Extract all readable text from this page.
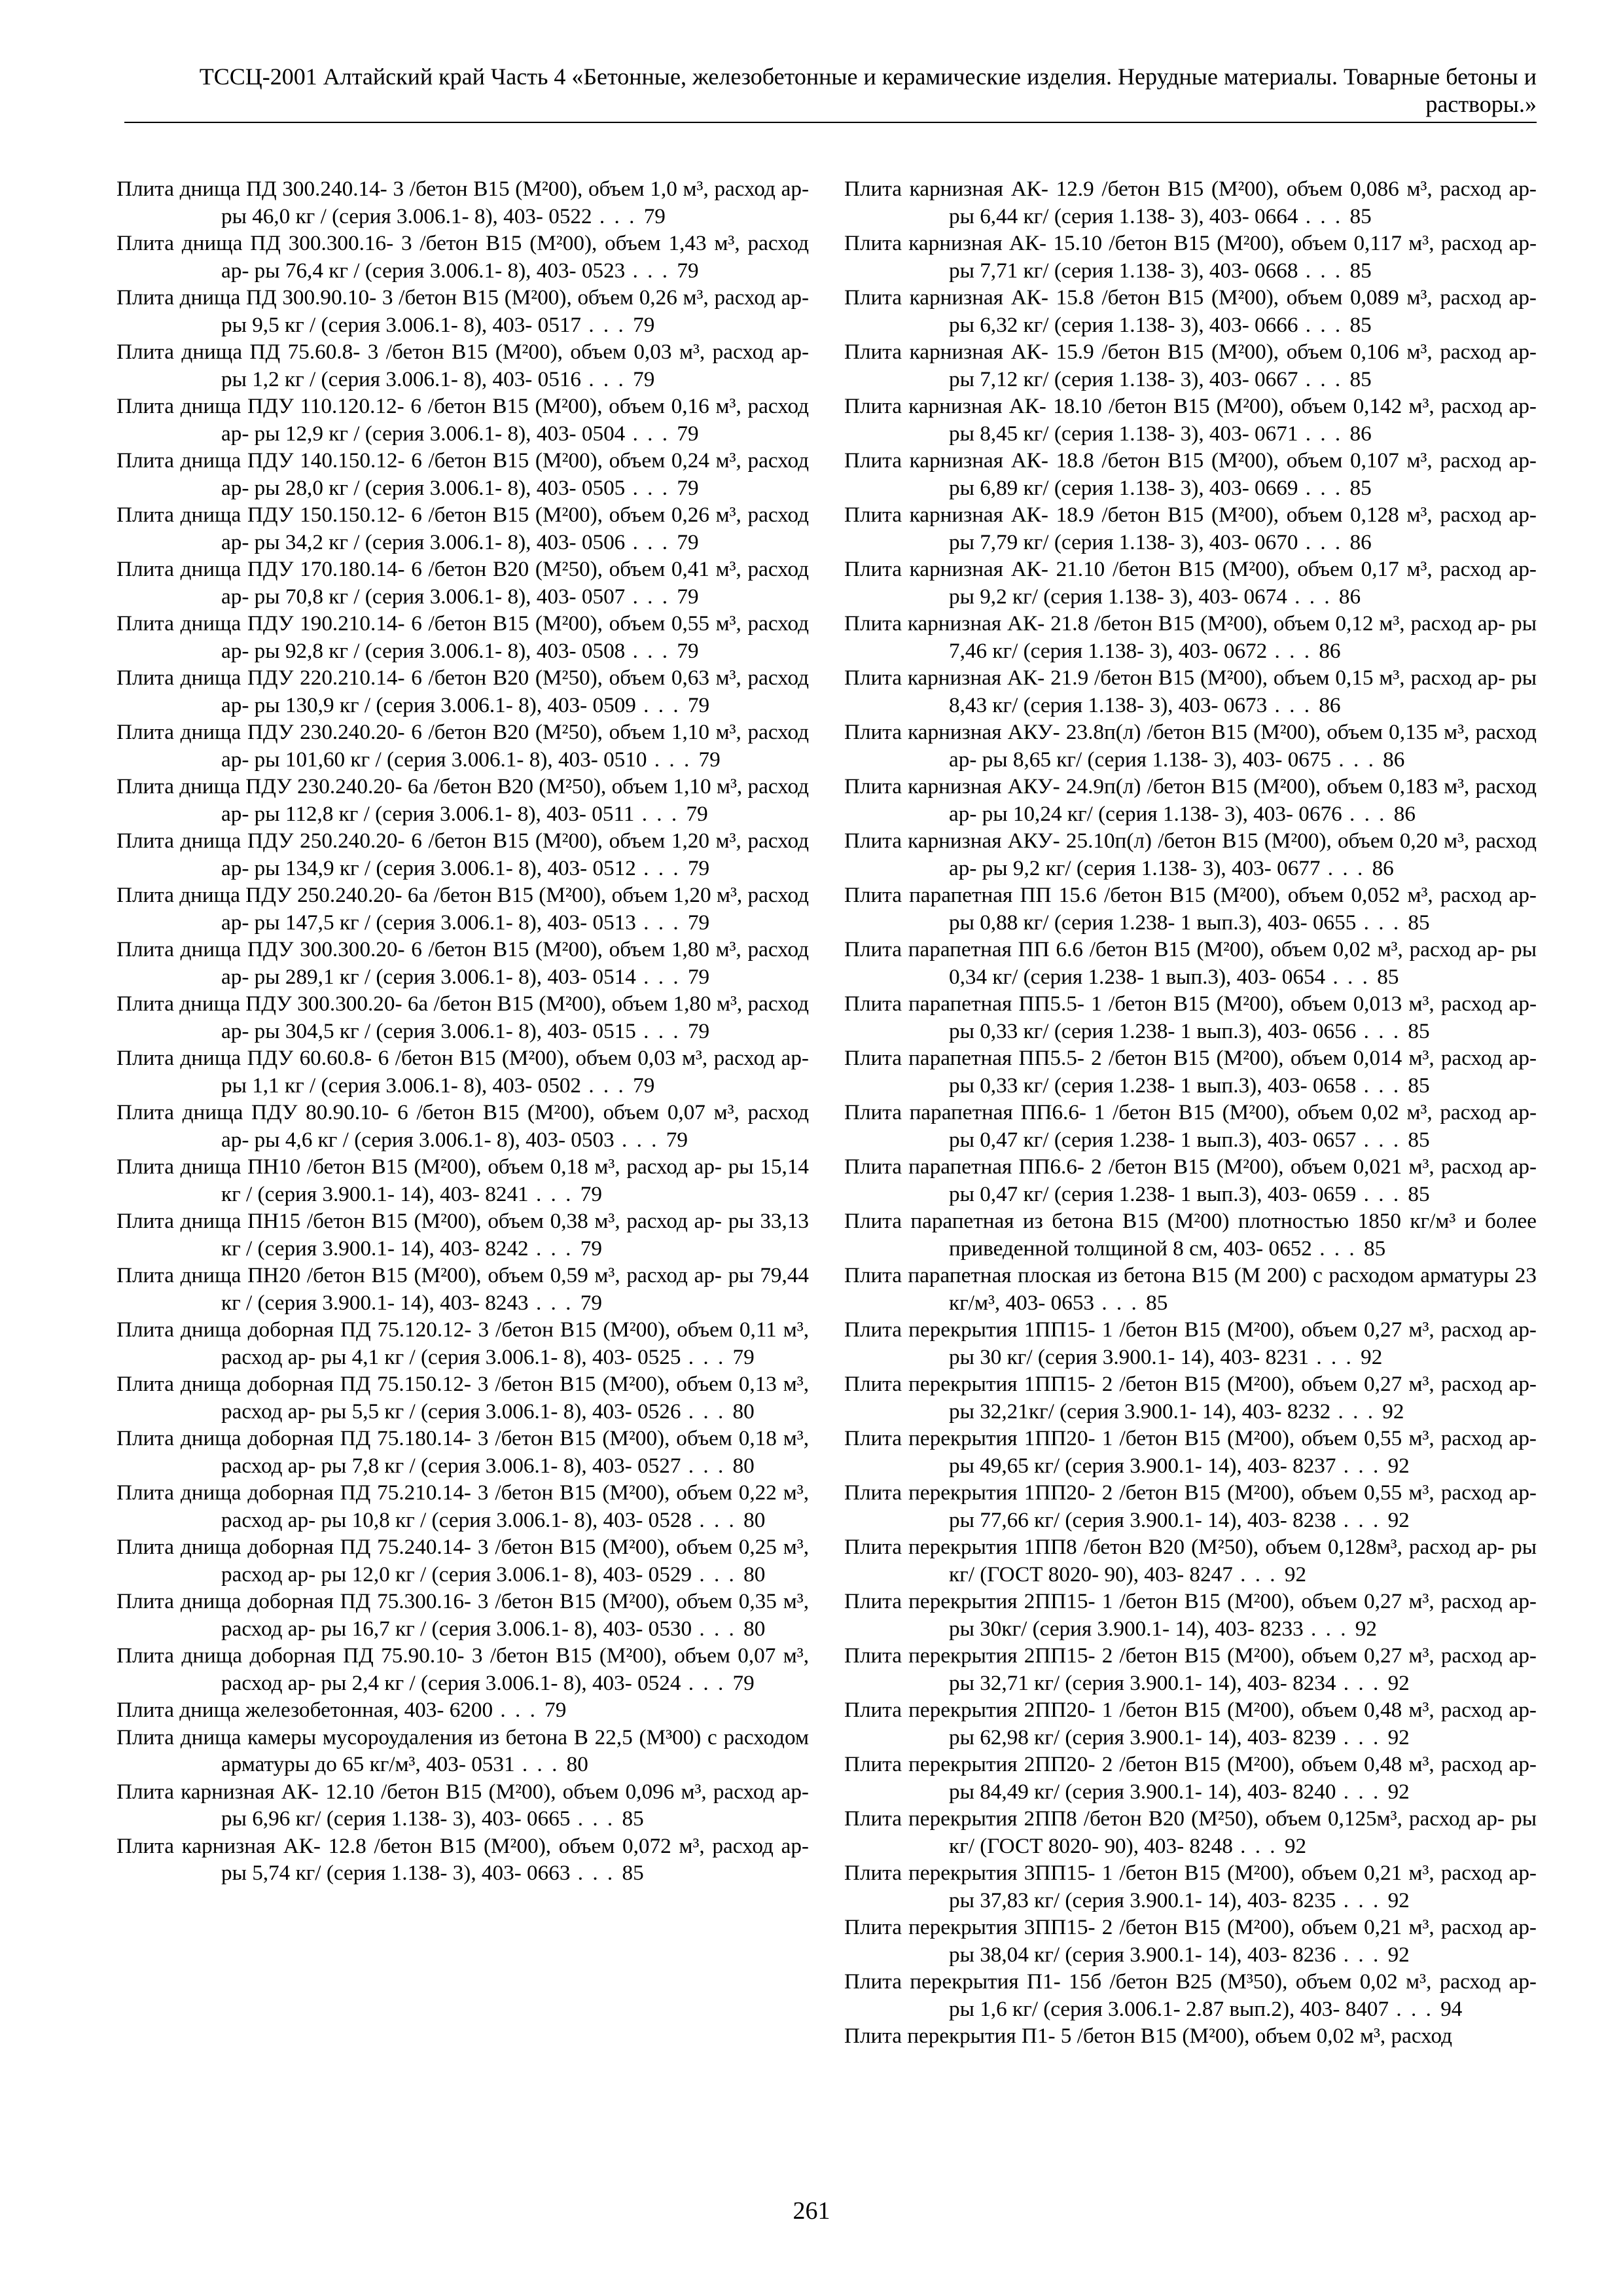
ТССЦ-2001 Алтайский край Часть 4 «Бетонные, железобетонные и керамические изделия. Нерудные материалы. Товарные бетоны и растворы.»

Плита днища ПД 300.240.14- 3 /бетон В15 (М²00), объем 1,0 м³, расход ар- ры 46,0 кг / (серия 3.006.1- 8), 403- 0522 . . . 79

Плита днища ПД 300.300.16- 3 /бетон В15 (М²00), объем 1,43 м³, расход ар- ры 76,4 кг / (серия 3.006.1- 8), 403- 0523 . . . 79

Плита днища ПД 300.90.10- 3 /бетон В15 (М²00), объем 0,26 м³, расход ар- ры 9,5 кг / (серия 3.006.1- 8), 403- 0517 . . . 79

Плита днища ПД 75.60.8- 3 /бетон В15 (М²00), объем 0,03 м³, расход ар- ры 1,2 кг / (серия 3.006.1- 8), 403- 0516 . . . 79

Плита днища ПДУ 110.120.12- 6 /бетон В15 (М²00), объем 0,16 м³, расход ар- ры 12,9 кг / (серия 3.006.1- 8), 403- 0504 . . . 79

Плита днища ПДУ 140.150.12- 6 /бетон В15 (М²00), объем 0,24 м³, расход ар- ры 28,0 кг / (серия 3.006.1- 8), 403- 0505 . . . 79

Плита днища ПДУ 150.150.12- 6 /бетон В15 (М²00), объем 0,26 м³, расход ар- ры 34,2 кг / (серия 3.006.1- 8), 403- 0506 . . . 79

Плита днища ПДУ 170.180.14- 6 /бетон В20 (М²50), объем 0,41 м³, расход ар- ры 70,8 кг / (серия 3.006.1- 8), 403- 0507 . . . 79

Плита днища ПДУ 190.210.14- 6 /бетон В15 (М²00), объем 0,55 м³, расход ар- ры 92,8 кг / (серия 3.006.1- 8), 403- 0508 . . . 79

Плита днища ПДУ 220.210.14- 6 /бетон В20 (М²50), объем 0,63 м³, расход ар- ры 130,9 кг / (серия 3.006.1- 8), 403- 0509 . . . 79

Плита днища ПДУ 230.240.20- 6 /бетон В20 (М²50), объем 1,10 м³, расход ар- ры 101,60 кг / (серия 3.006.1- 8), 403- 0510 . . . 79

Плита днища ПДУ 230.240.20- 6а /бетон В20 (М²50), объем 1,10 м³, расход ар- ры 112,8 кг / (серия 3.006.1- 8), 403- 0511 . . . 79

Плита днища ПДУ 250.240.20- 6 /бетон В15 (М²00), объем 1,20 м³, расход ар- ры 134,9 кг / (серия 3.006.1- 8), 403- 0512 . . . 79

Плита днища ПДУ 250.240.20- 6а /бетон В15 (М²00), объем 1,20 м³, расход ар- ры 147,5 кг / (серия 3.006.1- 8), 403- 0513 . . . 79

Плита днища ПДУ 300.300.20- 6 /бетон В15 (М²00), объем 1,80 м³, расход ар- ры 289,1 кг / (серия 3.006.1- 8), 403- 0514 . . . 79

Плита днища ПДУ 300.300.20- 6а /бетон В15 (М²00), объем 1,80 м³, расход ар- ры 304,5 кг / (серия 3.006.1- 8), 403- 0515 . . . 79

Плита днища ПДУ 60.60.8- 6 /бетон В15 (М²00), объем 0,03 м³, расход ар- ры 1,1 кг / (серия 3.006.1- 8), 403- 0502 . . . 79

Плита днища ПДУ 80.90.10- 6 /бетон В15 (М²00), объем 0,07 м³, расход ар- ры 4,6 кг / (серия 3.006.1- 8), 403- 0503 . . . 79

Плита днища ПН10 /бетон В15 (М²00), объем 0,18 м³, расход ар- ры 15,14 кг / (серия 3.900.1- 14), 403- 8241 . . . 79

Плита днища ПН15 /бетон В15 (М²00), объем 0,38 м³, расход ар- ры 33,13 кг / (серия 3.900.1- 14), 403- 8242 . . . 79

Плита днища ПН20 /бетон В15 (М²00), объем 0,59 м³, расход ар- ры 79,44 кг / (серия 3.900.1- 14), 403- 8243 . . . 79

Плита днища доборная ПД 75.120.12- 3 /бетон В15 (М²00), объем 0,11 м³, расход ар- ры 4,1 кг / (серия 3.006.1- 8), 403- 0525 . . . 79

Плита днища доборная ПД 75.150.12- 3 /бетон В15 (М²00), объем 0,13 м³, расход ар- ры 5,5 кг / (серия 3.006.1- 8), 403- 0526 . . . 80

Плита днища доборная ПД 75.180.14- 3 /бетон В15 (М²00), объем 0,18 м³, расход ар- ры 7,8 кг / (серия 3.006.1- 8), 403- 0527 . . . 80

Плита днища доборная ПД 75.210.14- 3 /бетон В15 (М²00), объем 0,22 м³, расход ар- ры 10,8 кг / (серия 3.006.1- 8), 403- 0528 . . . 80

Плита днища доборная ПД 75.240.14- 3 /бетон В15 (М²00), объем 0,25 м³, расход ар- ры 12,0 кг / (серия 3.006.1- 8), 403- 0529 . . . 80

Плита днища доборная ПД 75.300.16- 3 /бетон В15 (М²00), объем 0,35 м³, расход ар- ры 16,7 кг / (серия 3.006.1- 8), 403- 0530 . . . 80

Плита днища доборная ПД 75.90.10- 3 /бетон В15 (М²00), объем 0,07 м³, расход ар- ры 2,4 кг / (серия 3.006.1- 8), 403- 0524 . . . 79

Плита днища железобетонная, 403- 6200 . . . 79

Плита днища камеры мусороудаления из бетона В 22,5 (М³00) с расходом арматуры до 65 кг/м³, 403- 0531 . . . 80

Плита карнизная АК- 12.10 /бетон В15 (М²00), объем 0,096 м³, расход ар- ры 6,96 кг/ (серия 1.138- 3), 403- 0665 . . . 85

Плита карнизная АК- 12.8 /бетон В15 (М²00), объем 0,072 м³, расход ар- ры 5,74 кг/ (серия 1.138- 3), 403- 0663 . . . 85

Плита карнизная АК- 12.9 /бетон В15 (М²00), объем 0,086 м³, расход ар- ры 6,44 кг/ (серия 1.138- 3), 403- 0664 . . . 85

Плита карнизная АК- 15.10 /бетон В15 (М²00), объем 0,117 м³, расход ар- ры 7,71 кг/ (серия 1.138- 3), 403- 0668 . . . 85

Плита карнизная АК- 15.8 /бетон В15 (М²00), объем 0,089 м³, расход ар- ры 6,32 кг/ (серия 1.138- 3), 403- 0666 . . . 85

Плита карнизная АК- 15.9 /бетон В15 (М²00), объем 0,106 м³, расход ар- ры 7,12 кг/ (серия 1.138- 3), 403- 0667 . . . 85

Плита карнизная АК- 18.10 /бетон В15 (М²00), объем 0,142 м³, расход ар- ры 8,45 кг/ (серия 1.138- 3), 403- 0671 . . . 86

Плита карнизная АК- 18.8 /бетон В15 (М²00), объем 0,107 м³, расход ар- ры 6,89 кг/ (серия 1.138- 3), 403- 0669 . . . 85

Плита карнизная АК- 18.9 /бетон В15 (М²00), объем 0,128 м³, расход ар- ры 7,79 кг/ (серия 1.138- 3), 403- 0670 . . . 86

Плита карнизная АК- 21.10 /бетон В15 (М²00), объем 0,17 м³, расход ар- ры 9,2 кг/ (серия 1.138- 3), 403- 0674 . . . 86

Плита карнизная АК- 21.8 /бетон В15 (М²00), объем 0,12 м³, расход ар- ры 7,46 кг/ (серия 1.138- 3), 403- 0672 . . . 86

Плита карнизная АК- 21.9 /бетон В15 (М²00), объем 0,15 м³, расход ар- ры 8,43 кг/ (серия 1.138- 3), 403- 0673 . . . 86

Плита карнизная АКУ- 23.8п(л) /бетон В15 (М²00), объем 0,135 м³, расход ар- ры 8,65 кг/ (серия 1.138- 3), 403- 0675 . . . 86

Плита карнизная АКУ- 24.9п(л) /бетон В15 (М²00), объем 0,183 м³, расход ар- ры 10,24 кг/ (серия 1.138- 3), 403- 0676 . . . 86

Плита карнизная АКУ- 25.10п(л) /бетон В15 (М²00), объем 0,20 м³, расход ар- ры 9,2 кг/ (серия 1.138- 3), 403- 0677 . . . 86

Плита парапетная ПП 15.6 /бетон В15 (М²00), объем 0,052 м³, расход ар- ры 0,88 кг/ (серия 1.238- 1 вып.3), 403- 0655 . . . 85

Плита парапетная ПП 6.6 /бетон В15 (М²00), объем 0,02 м³, расход ар- ры 0,34 кг/ (серия 1.238- 1 вып.3), 403- 0654 . . . 85

Плита парапетная ПП5.5- 1 /бетон В15 (М²00), объем 0,013 м³, расход ар- ры 0,33 кг/ (серия 1.238- 1 вып.3), 403- 0656 . . . 85

Плита парапетная ПП5.5- 2 /бетон В15 (М²00), объем 0,014 м³, расход ар- ры 0,33 кг/ (серия 1.238- 1 вып.3), 403- 0658 . . . 85

Плита парапетная ПП6.6- 1 /бетон В15 (М²00), объем 0,02 м³, расход ар- ры 0,47 кг/ (серия 1.238- 1 вып.3), 403- 0657 . . . 85

Плита парапетная ПП6.6- 2 /бетон В15 (М²00), объем 0,021 м³, расход ар- ры 0,47 кг/ (серия 1.238- 1 вып.3), 403- 0659 . . . 85

Плита парапетная из бетона В15 (М²00) плотностью 1850 кг/м³ и более приведенной толщиной 8 см, 403- 0652 . . . 85

Плита парапетная плоская из бетона В15 (М 200) с расходом арматуры 23 кг/м³, 403- 0653 . . . 85

Плита перекрытия 1ПП15- 1 /бетон В15 (М²00), объем 0,27 м³, расход ар- ры 30 кг/ (серия 3.900.1- 14), 403- 8231 . . . 92

Плита перекрытия 1ПП15- 2 /бетон В15 (М²00), объем 0,27 м³, расход ар- ры 32,21кг/ (серия 3.900.1- 14), 403- 8232 . . . 92

Плита перекрытия 1ПП20- 1 /бетон В15 (М²00), объем 0,55 м³, расход ар- ры 49,65 кг/ (серия 3.900.1- 14), 403- 8237 . . . 92

Плита перекрытия 1ПП20- 2 /бетон В15 (М²00), объем 0,55 м³, расход ар- ры 77,66 кг/ (серия 3.900.1- 14), 403- 8238 . . . 92

Плита перекрытия 1ПП8 /бетон В20 (М²50), объем 0,128м³, расход ар- ры кг/ (ГОСТ 8020- 90), 403- 8247 . . . 92

Плита перекрытия 2ПП15- 1 /бетон В15 (М²00), объем 0,27 м³, расход ар- ры 30кг/ (серия 3.900.1- 14), 403- 8233 . . . 92

Плита перекрытия 2ПП15- 2 /бетон В15 (М²00), объем 0,27 м³, расход ар- ры 32,71 кг/ (серия 3.900.1- 14), 403- 8234 . . . 92

Плита перекрытия 2ПП20- 1 /бетон В15 (М²00), объем 0,48 м³, расход ар- ры 62,98 кг/ (серия 3.900.1- 14), 403- 8239 . . . 92

Плита перекрытия 2ПП20- 2 /бетон В15 (М²00), объем 0,48 м³, расход ар- ры 84,49 кг/ (серия 3.900.1- 14), 403- 8240 . . . 92

Плита перекрытия 2ПП8 /бетон В20 (М²50), объем 0,125м³, расход ар- ры кг/ (ГОСТ 8020- 90), 403- 8248 . . . 92

Плита перекрытия 3ПП15- 1 /бетон В15 (М²00), объем 0,21 м³, расход ар- ры 37,83 кг/ (серия 3.900.1- 14), 403- 8235 . . . 92

Плита перекрытия 3ПП15- 2 /бетон В15 (М²00), объем 0,21 м³, расход ар- ры 38,04 кг/ (серия 3.900.1- 14), 403- 8236 . . . 92

Плита перекрытия П1- 15б /бетон В25 (М³50), объем 0,02 м³, расход ар- ры 1,6 кг/ (серия 3.006.1- 2.87 вып.2), 403- 8407 . . . 94

Плита перекрытия П1- 5 /бетон В15 (М²00), объем 0,02 м³, расход

261
